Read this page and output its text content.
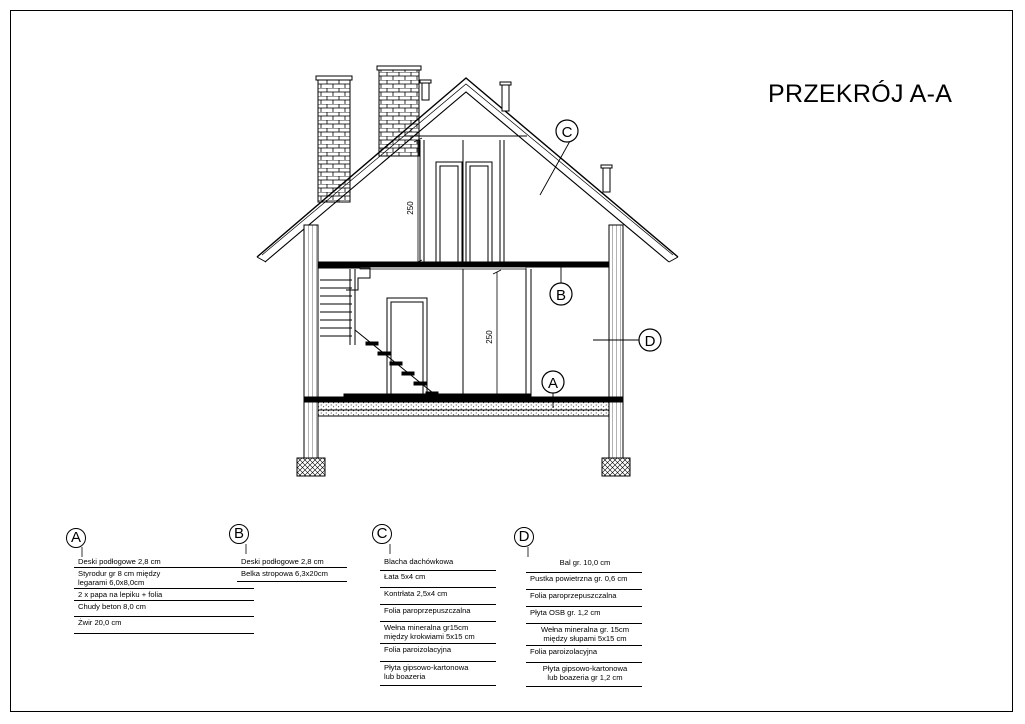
PRZEKRÓJ A-A
250
250
C
B
A
D
A
Deski podłogowe 2,8 cm
Styrodur gr 8 cm między
legarami 6,0x8,0cm
2 x papa na lepiku + folia
Chudy beton 8,0 cm
Żwir 20,0 cm
B
Deski podłogowe 2,8 cm
Belka stropowa 6,3x20cm
C
Blacha dachówkowa
Łata 5x4 cm
Kontrłata 2,5x4 cm
Folia paroprzepuszczalna
Wełna mineralna gr15cm
między krokwiami 5x15 cm
Folia paroizolacyjna
Płyta gipsowo-kartonowa
lub boazeria
D
Bal gr. 10,0 cm
Pustka powietrzna gr. 0,6 cm
Folia paroprzepuszczalna
Płyta OSB gr. 1,2 cm
Wełna mineralna gr. 15cm
między słupami 5x15 cm
Folia paroizolacyjna
Płyta gipsowo-kartonowa
lub boazeria gr 1,2 cm
